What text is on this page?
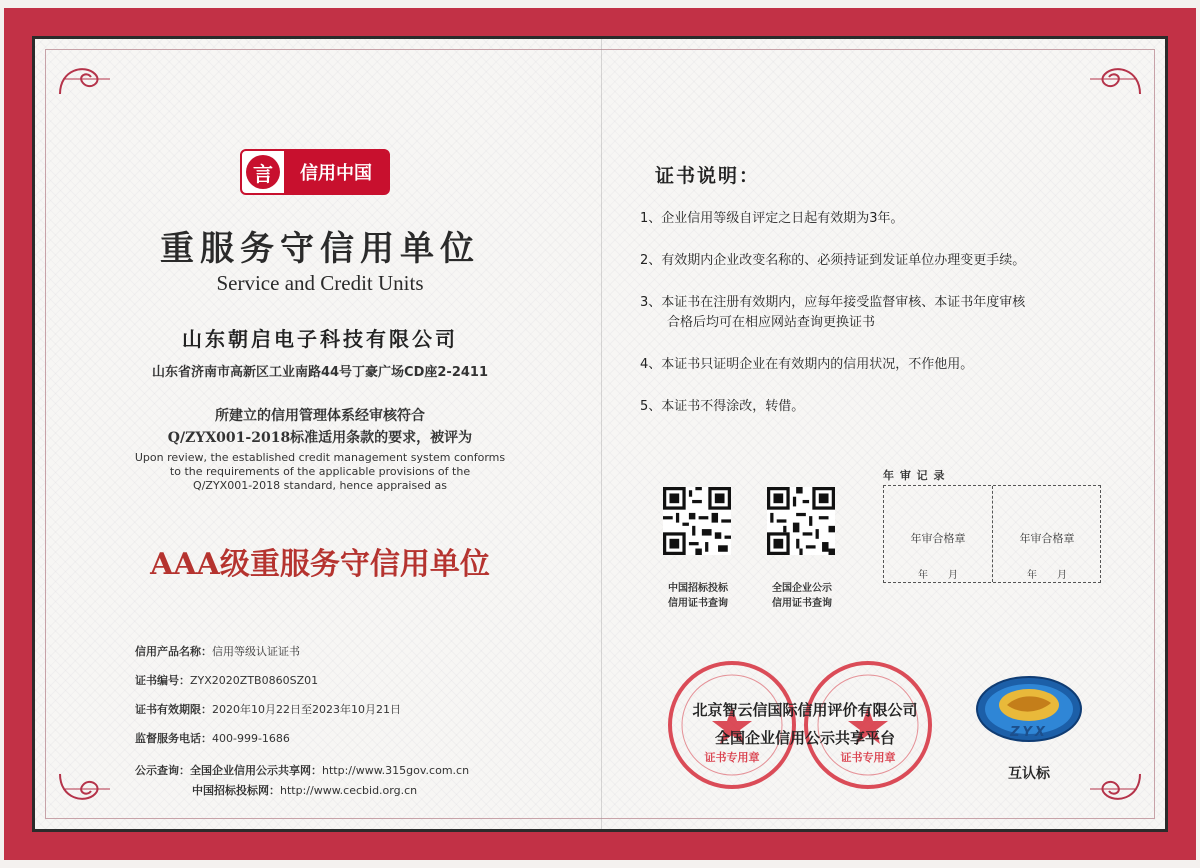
言	信用中国
重服务守信用单位
Service and Credit Units
山东朝启电子科技有限公司
山东省济南市高新区工业南路44号丁豪广场CD座2-2411
所建立的信用管理体系经审核符合
Q/ZYX001-2018标准适用条款的要求，被评为
Upon review, the established credit management system conforms
to the requirements of the applicable provisions of the
Q/ZYX001-2018 standard, hence appraised as
AAA级重服务守信用单位
信用产品名称：信用等级认证证书
证书编号：ZYX2020ZTB0860SZ01
证书有效期限：2020年10月22日至2023年10月21日
监督服务电话：400-999-1686
公示查询：全国企业信用公示共享网：http://www.315gov.com.cn
中国招标投标网：http://www.cecbid.org.cn
证书说明：
1、企业信用等级自评定之日起有效期为3年。
2、有效期内企业改变名称的、必须持证到发证单位办理变更手续。
3、本证书在注册有效期内，应每年接受监督审核、本证书年度审核
合格后均可在相应网站查询更换证书
4、本证书只证明企业在有效期内的信用状况，不作他用。
5、本证书不得涂改，转借。
中国招标投标
信用证书查询
全国企业公示
信用证书查询
年 审 记 录
年审合格章	年审合格章
年　　月	年　　月
证书专用章	证书专用章
北京智云信国际信用评价有限公司
全国企业信用公示共享平台	ZYX
互认标
